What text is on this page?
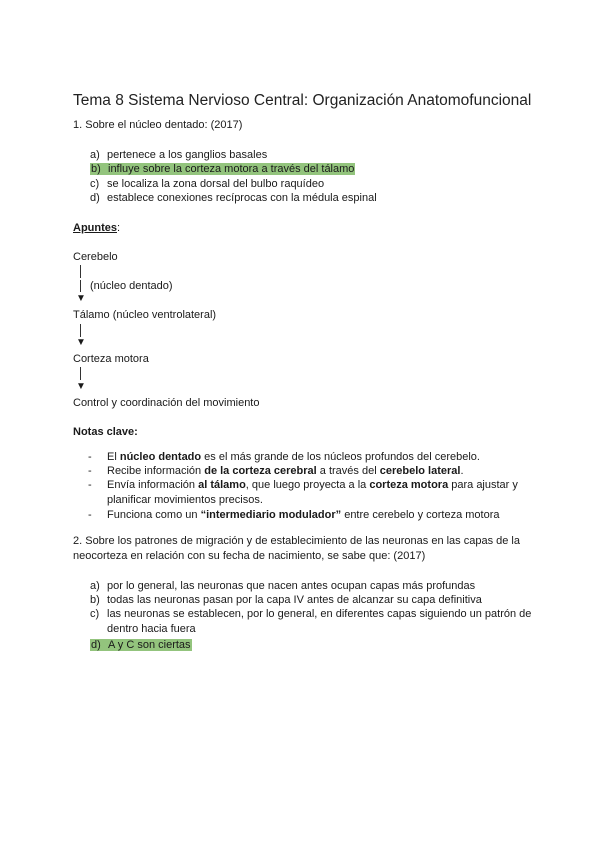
Tema 8 Sistema Nervioso Central: Organización Anatomofuncional
1. Sobre el núcleo dentado: (2017)
a) pertenece a los ganglios basales
b) influye sobre la corteza motora a través del tálamo
c) se localiza la zona dorsal del bulbo raquídeo
d) establece conexiones recíprocas con la médula espinal
Apuntes:
Cerebelo
(núcleo dentado)
▼
Tálamo (núcleo ventrolateral)
▼
Corteza motora
▼
Control y coordinación del movimiento
Notas clave:
- El núcleo dentado es el más grande de los núcleos profundos del cerebelo.
- Recibe información de la corteza cerebral a través del cerebelo lateral.
- Envía información al tálamo, que luego proyecta a la corteza motora para ajustar y planificar movimientos precisos.
- Funciona como un “intermediario modulador” entre cerebelo y corteza motora
2. Sobre los patrones de migración y de establecimiento de las neuronas en las capas de la neocorteza en relación con su fecha de nacimiento, se sabe que: (2017)
a) por lo general, las neuronas que nacen antes ocupan capas más profundas
b) todas las neuronas pasan por la capa IV antes de alcanzar su capa definitiva
c) las neuronas se establecen, por lo general, en diferentes capas siguiendo un patrón de dentro hacia fuera
d) A y C son ciertas
